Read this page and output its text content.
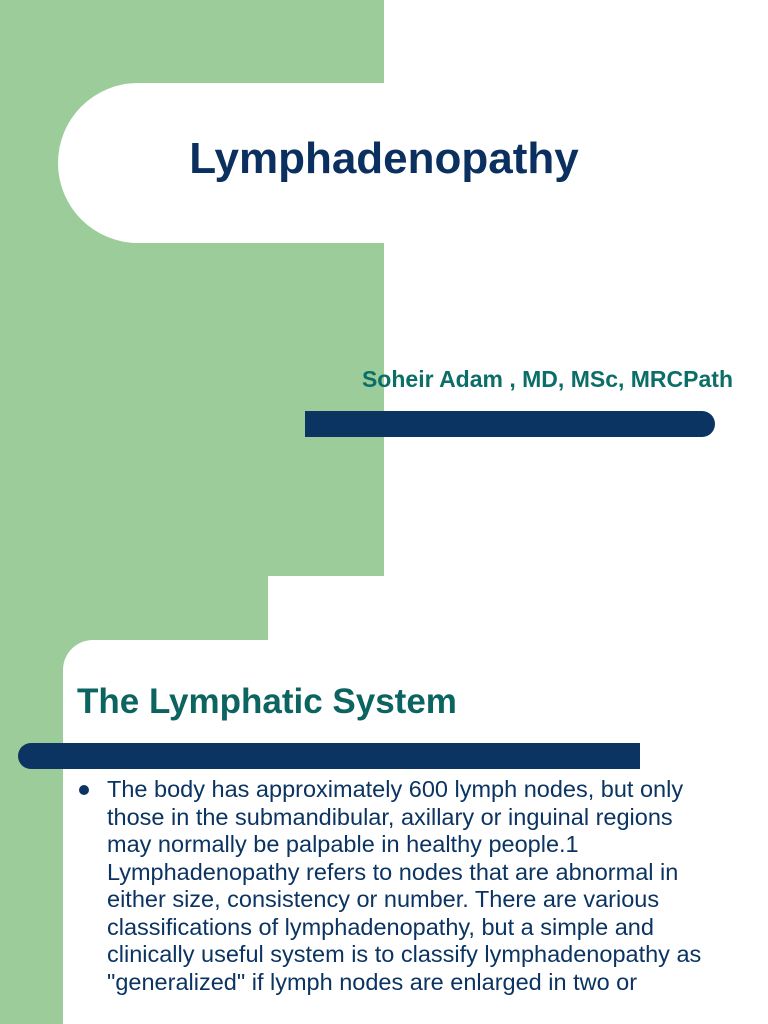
Lymphadenopathy
Soheir Adam , MD, MSc, MRCPath
The Lymphatic System

The body has approximately 600 lymph nodes, but only those in the submandibular, axillary or inguinal regions may normally be palpable in healthy people.1 Lymphadenopathy refers to nodes that are abnormal in either size, consistency or number. There are various classifications of lymphadenopathy, but a simple and clinically useful system is to classify lymphadenopathy as "generalized" if lymph nodes are enlarged in two or
